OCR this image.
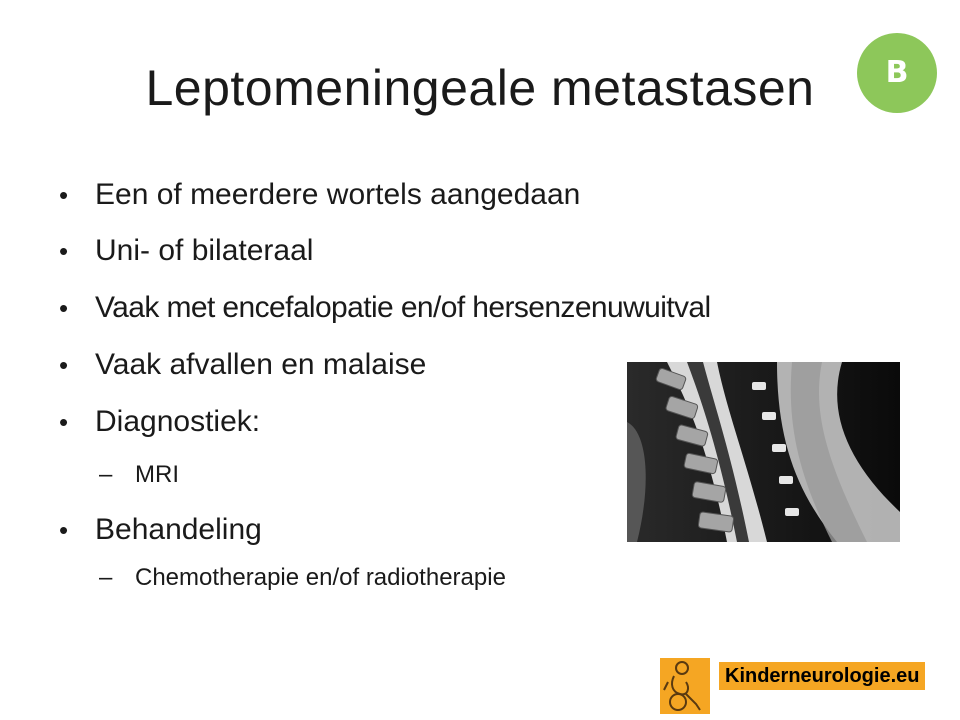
Leptomeningeale metastasen	B
• Een of meerdere wortels aangedaan
• Uni- of bilateraal
• Vaak met encefalopatie en/of hersenzenuwuitval
• Vaak afvallen en malaise
• Diagnostiek:
– MRI
• Behandeling
– Chemotherapie en/of radiotherapie
Kinderneurologie.eu
